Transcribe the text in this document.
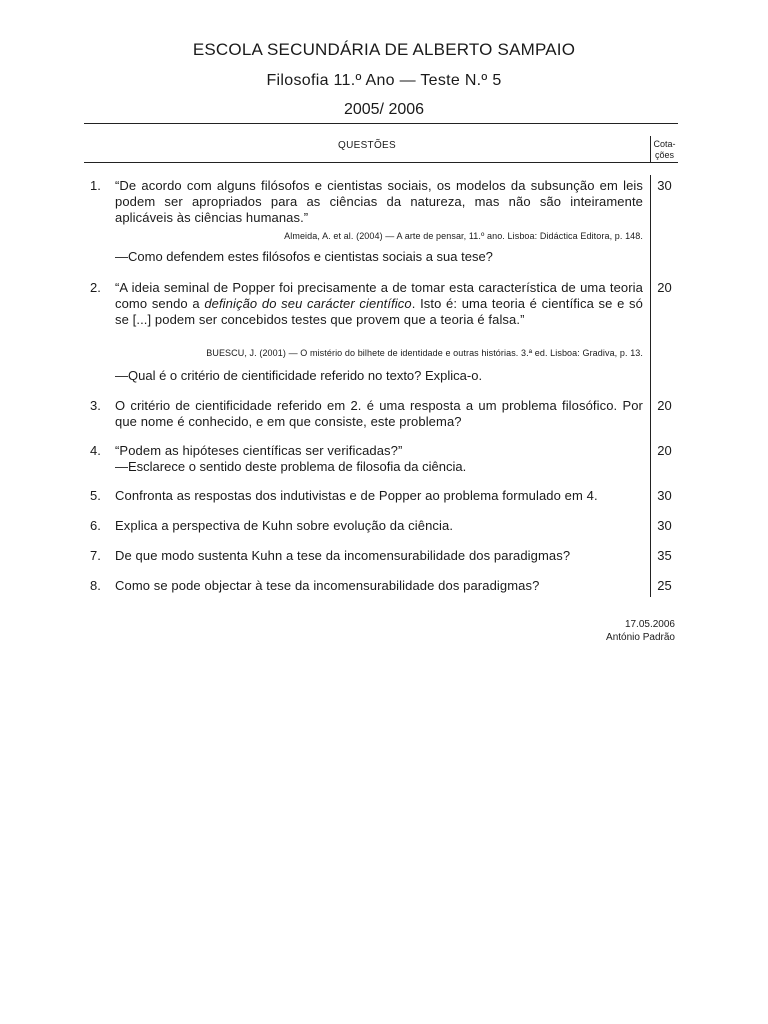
ESCOLA SECUNDÁRIA DE ALBERTO SAMPAIO
Filosofia 11.º Ano — Teste N.º 5
2005/ 2006
QUESTÕES	Cota-
ções
1. “De acordo com alguns filósofos e cientistas sociais, os modelos da subsunção em leis podem ser apropriados para as ciências da natureza, mas não são inteiramente aplicáveis às ciências humanas.”
Almeida, A. et al. (2004) — A arte de pensar, 11.º ano. Lisboa: Didáctica Editora, p. 148.
—Como defendem estes filósofos e cientistas sociais a sua tese?
30
2. “A ideia seminal de Popper foi precisamente a de tomar esta característica de uma teoria como sendo a definição do seu carácter científico. Isto é: uma teoria é científica se e só se [...] podem ser concebidos testes que provem que a teoria é falsa.”
BUESCU, J. (2001) — O mistério do bilhete de identidade e outras histórias. 3.ª ed. Lisboa: Gradiva, p. 13.
—Qual é o critério de cientificidade referido no texto? Explica-o.
20
3. O critério de cientificidade referido em 2. é uma resposta a um problema filosófico. Por que nome é conhecido, e em que consiste, este problema?
20
4. “Podem as hipóteses científicas ser verificadas?”
—Esclarece o sentido deste problema de filosofia da ciência.
20
5. Confronta as respostas dos indutivistas e de Popper ao problema formulado em 4.	30
6. Explica a perspectiva de Kuhn sobre evolução da ciência.	30
7. De que modo sustenta Kuhn a tese da incomensurabilidade dos paradigmas?	35
8. Como se pode objectar à tese da incomensurabilidade dos paradigmas?	25
17.05.2006
António Padrão
